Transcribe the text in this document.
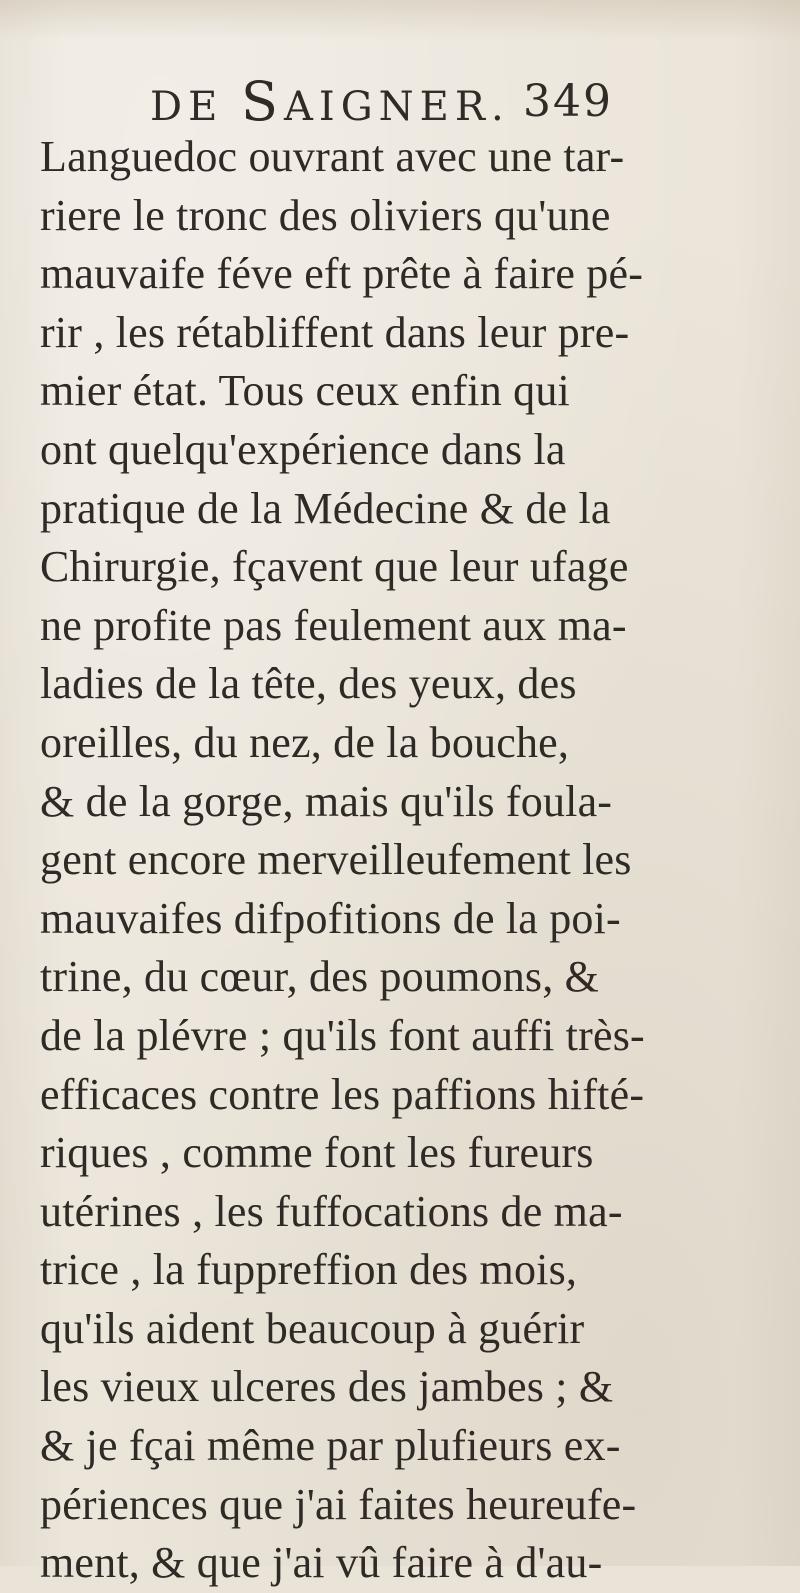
DE SAIGNER. 349
Languedoc ouvrant avec une tar-
riere le tronc des oliviers qu'une
mauvaife féve eft prête à faire pé-
rir , les rétabliffent dans leur pre-
mier état. Tous ceux enfin qui
ont quelqu'expérience dans la
pratique de la Médecine & de la
Chirurgie, fçavent que leur ufage
ne profite pas feulement aux ma-
ladies de la tête, des yeux, des
oreilles, du nez, de la bouche,
& de la gorge, mais qu'ils foula-
gent encore merveilleufement les
mauvaifes difpofitions de la poi-
trine, du cœur, des poumons, &
de la plévre ; qu'ils font auffi très-
efficaces contre les paffions hifté-
riques , comme font les fureurs
utérines , les fuffocations de ma-
trice , la fuppreffion des mois,
qu'ils aident beaucoup à guérir
les vieux ulceres des jambes ; &
& je fçai même par plufieurs ex-
périences que j'ai faites heureufe-
ment, & que j'ai vû faire à d'au-
